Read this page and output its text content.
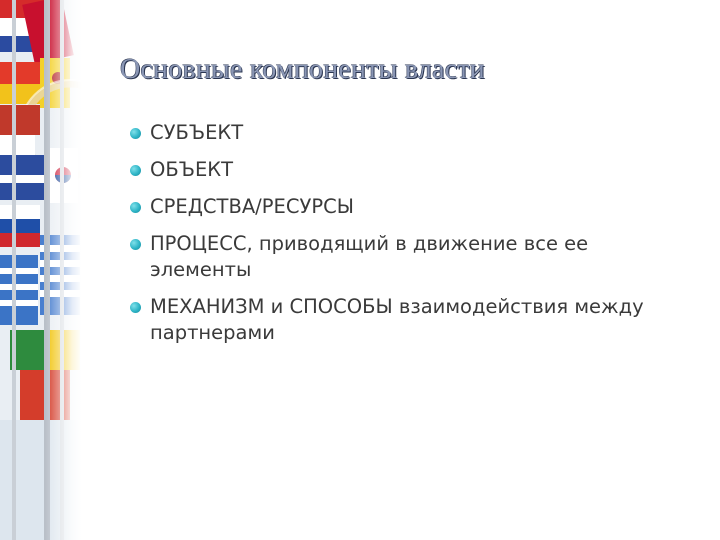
Основные компоненты власти
СУБЪЕКТ
ОБЪЕКТ
СРЕДСТВА/РЕСУРСЫ
ПРОЦЕСС, приводящий в движение все ее элементы
МЕХАНИЗМ и СПОСОБЫ взаимодействия между партнерами
